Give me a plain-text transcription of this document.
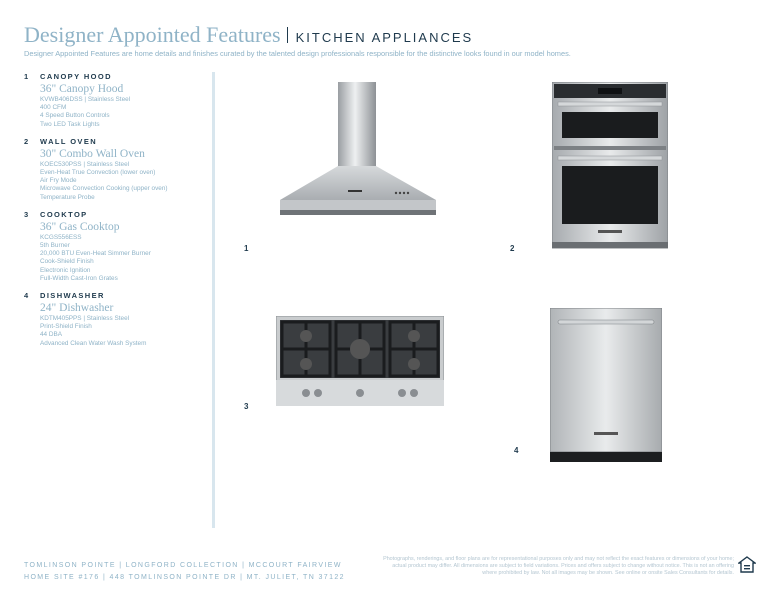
Designer Appointed Features KITCHEN APPLIANCES
Designer Appointed Features are home details and finishes curated by the talented design professionals responsible for the distinctive looks found in our model homes.
1 CANOPY HOOD
36" Canopy Hood
KVWB406DSS | Stainless Steel
400 CFM
4 Speed Button Controls
Two LED Task Lights
2 WALL OVEN
30" Combo Wall Oven
KOEC530PSS | Stainless Steel
Even-Heat True Convection (lower oven)
Air Fry Mode
Microwave Convection Cooking (upper oven)
Temperature Probe
3 COOKTOP
36" Gas Cooktop
KCGS556ESS
5th Burner
20,000 BTU Even-Heat Simmer Burner
Cook-Shield Finish
Electronic Ignition
Full-Width Cast-Iron Grates
4 DISHWASHER
24" Dishwasher
KDTM405PPS | Stainless Steel
Print-Shield Finish
44 DBA
Advanced Clean Water Wash System
1	2
3
4
TOMLINSON POINTE | LONGFORD COLLECTION | MCCOURT FAIRVIEW
HOME SITE #176 | 448 TOMLINSON POINTE DR | MT. JULIET, TN 37122
Photographs, renderings, and floor plans are for representational purposes only and may not reflect the exact features or dimensions of your home; actual product may differ. All dimensions are subject to field variations. Prices and offers subject to change without notice. This is not an offering where prohibited by law. Not all images may be shown. See online or onsite Sales Consultants for details.
